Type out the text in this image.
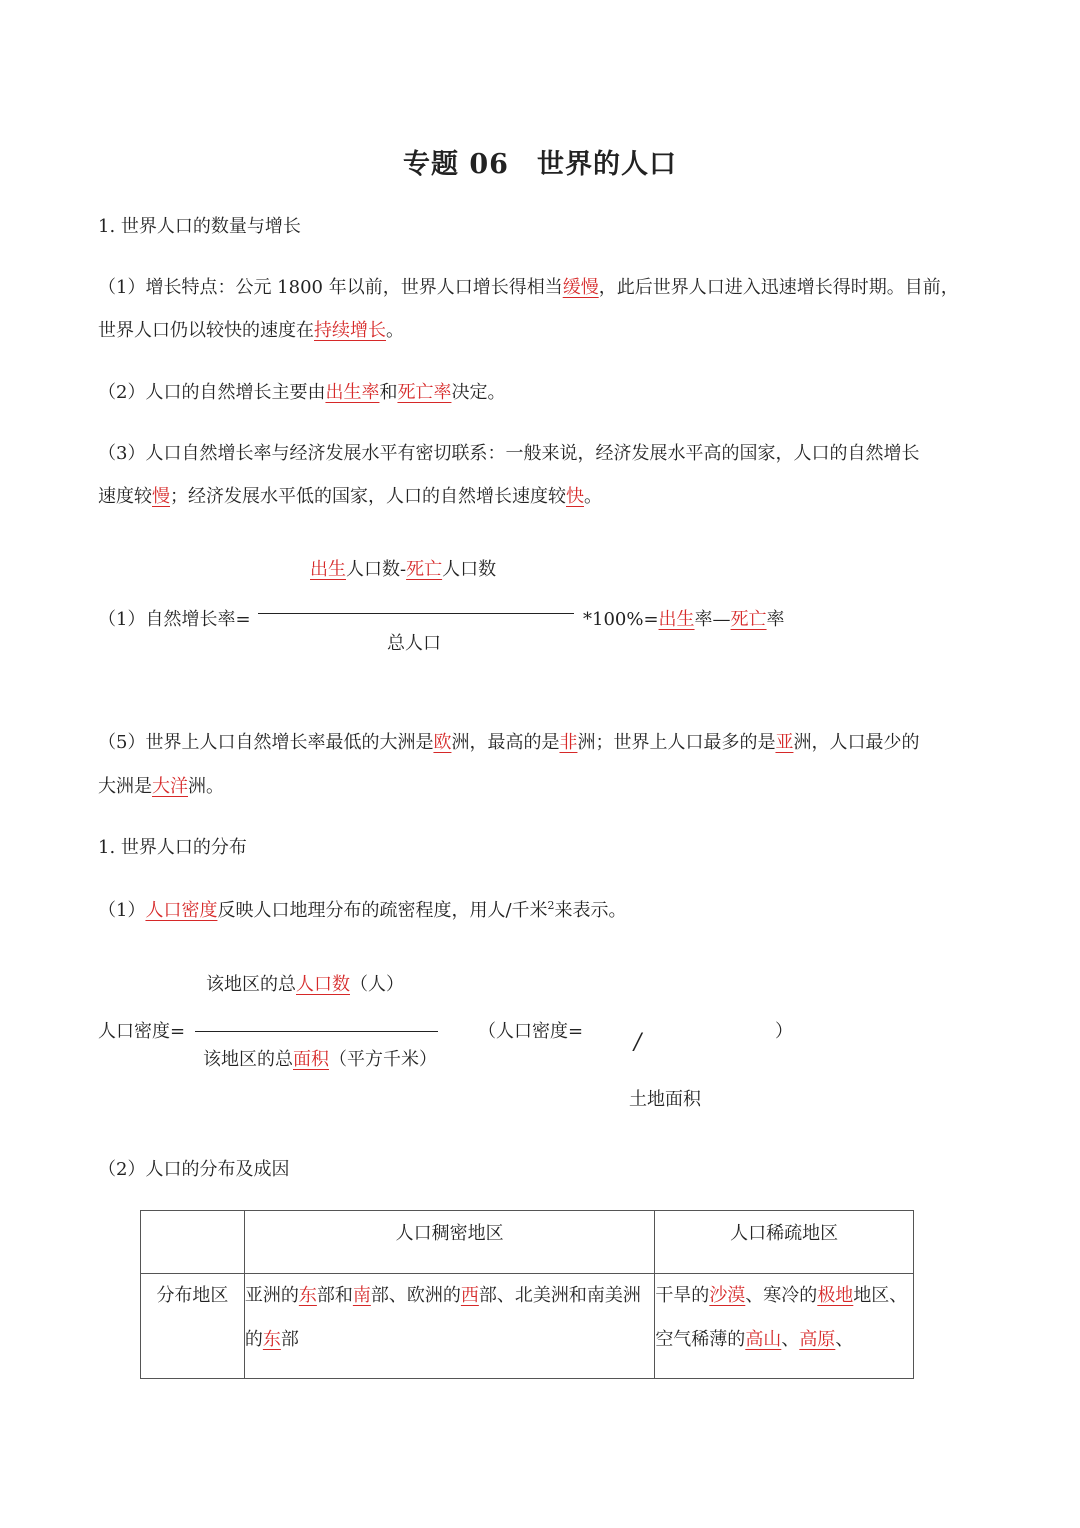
专题 06　世界的人口
1. 世界人口的数量与增长
（1）增长特点：公元 1800 年以前，世界人口增长得相当缓慢，此后世界人口进入迅速增长得时期。目前，
世界人口仍以较快的速度在持续增长。
（2）人口的自然增长主要由出生率和死亡率决定。
（3）人口自然增长率与经济发展水平有密切联系：一般来说，经济发展水平高的国家，人口的自然增长
速度较慢；经济发展水平低的国家，人口的自然增长速度较快。
出生人口数-死亡人口数
（1）自然增长率=	*100%=出生率—死亡率
总人口
（5）世界上人口自然增长率最低的大洲是欧洲，最高的是非洲；世界上人口最多的是亚洲，人口最少的
大洲是大洋洲。
1. 世界人口的分布
（1）人口密度反映人口地理分布的疏密程度，用人/千米$^2$来表示。
该地区的总人口数（人）
人口密度=	（人口密度= /	）
该地区的总面积（平方千米）
土地面积
（2）人口的分布及成因
	人口稠密地区	人口稀疏地区
分布地区	亚洲的东部和南部、欧洲的西部、北美洲和南美洲的东部	干旱的沙漠、寒冷的极地地区、空气稀薄的高山、高原、
